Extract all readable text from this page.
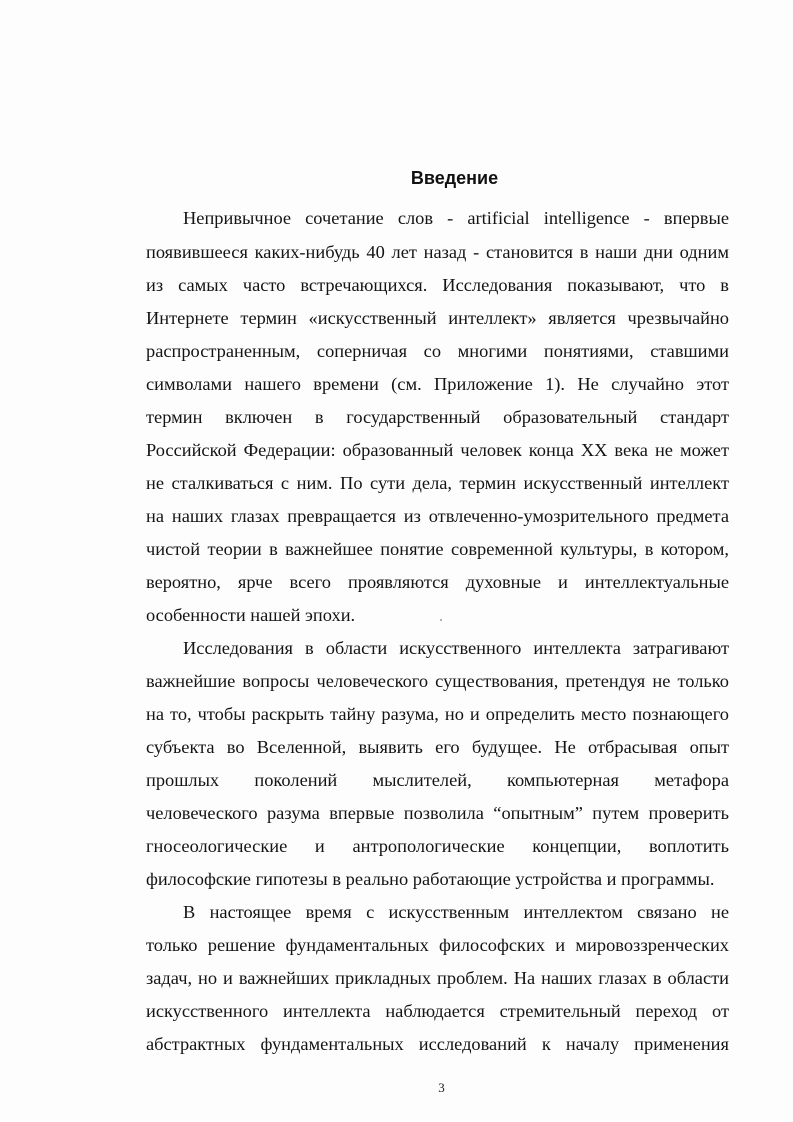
Введение
Непривычное сочетание слов - artificial intelligence - впервые
появившееся каких-нибудь 40 лет назад - становится в наши дни одним
из самых часто встречающихся. Исследования показывают, что в
Интернете термин «искусственный интеллект» является чрезвычайно
распространенным, соперничая со многими понятиями, ставшими
символами нашего времени (см. Приложение 1). Не случайно этот
термин включен в государственный образовательный стандарт
Российской Федерации: образованный человек конца XX века не может
не сталкиваться с ним. По сути дела, термин искусственный интеллект
на наших глазах превращается из отвлеченно-умозрительного предмета
чистой теории в важнейшее понятие современной культуры, в котором,
вероятно, ярче всего проявляются духовные и интеллектуальные
особенности нашей эпохи.
Исследования в области искусственного интеллекта затрагивают
важнейшие вопросы человеческого существования, претендуя не только
на то, чтобы раскрыть тайну разума, но и определить место познающего
субъекта во Вселенной, выявить его будущее. Не отбрасывая опыт
прошлых поколений мыслителей, компьютерная метафора
человеческого разума впервые позволила “опытным” путем проверить
гносеологические и антропологические концепции, воплотить
философские гипотезы в реально работающие устройства и программы.
В настоящее время с искусственным интеллектом связано не
только решение фундаментальных философских и мировоззренческих
задач, но и важнейших прикладных проблем. На наших глазах в области
искусственного интеллекта наблюдается стремительный переход от
абстрактных фундаментальных исследований к началу применения
3
